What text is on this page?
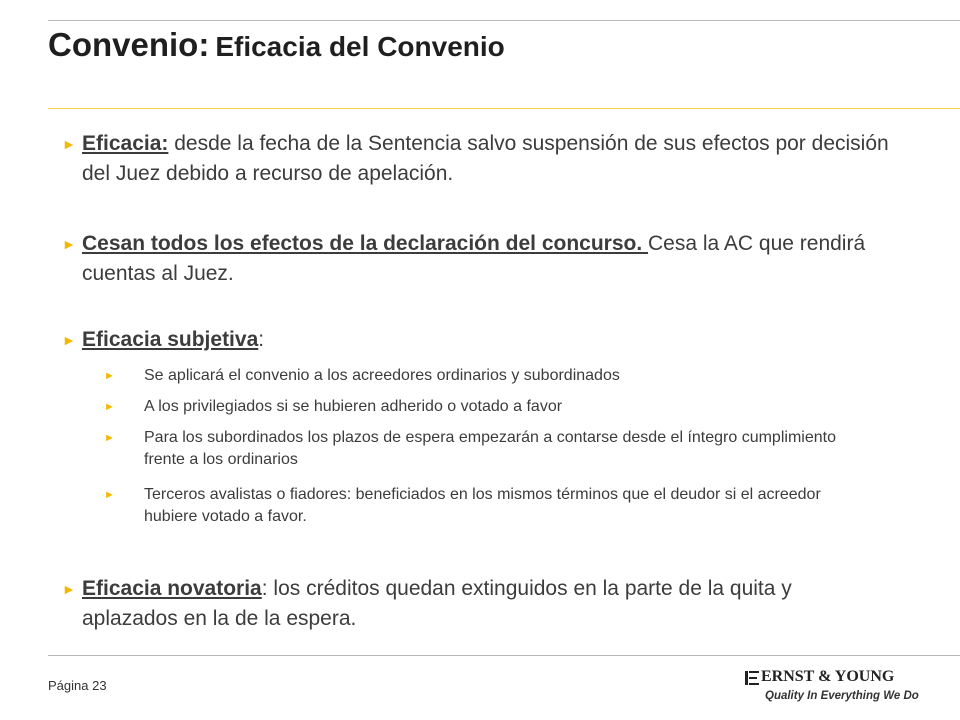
Convenio: Eficacia del Convenio
► Eficacia: desde la fecha de la Sentencia salvo suspensión de sus efectos por decisión del Juez debido a recurso de apelación.
► Cesan todos los efectos de la declaración del concurso. Cesa la AC que rendirá cuentas al Juez.
► Eficacia subjetiva:
► Se aplicará el convenio a los acreedores ordinarios y subordinados
► A los privilegiados si se hubieren adherido o votado a favor
► Para los subordinados los plazos de espera empezarán a contarse desde el íntegro cumplimiento frente a los ordinarios
► Terceros avalistas o fiadores: beneficiados en los mismos términos que el deudor si el acreedor hubiere votado a favor.
► Eficacia novatoria: los créditos quedan extinguidos en la parte de la quita y aplazados en la de la espera.
Página 23
ERNST & YOUNG
Quality In Everything We Do
